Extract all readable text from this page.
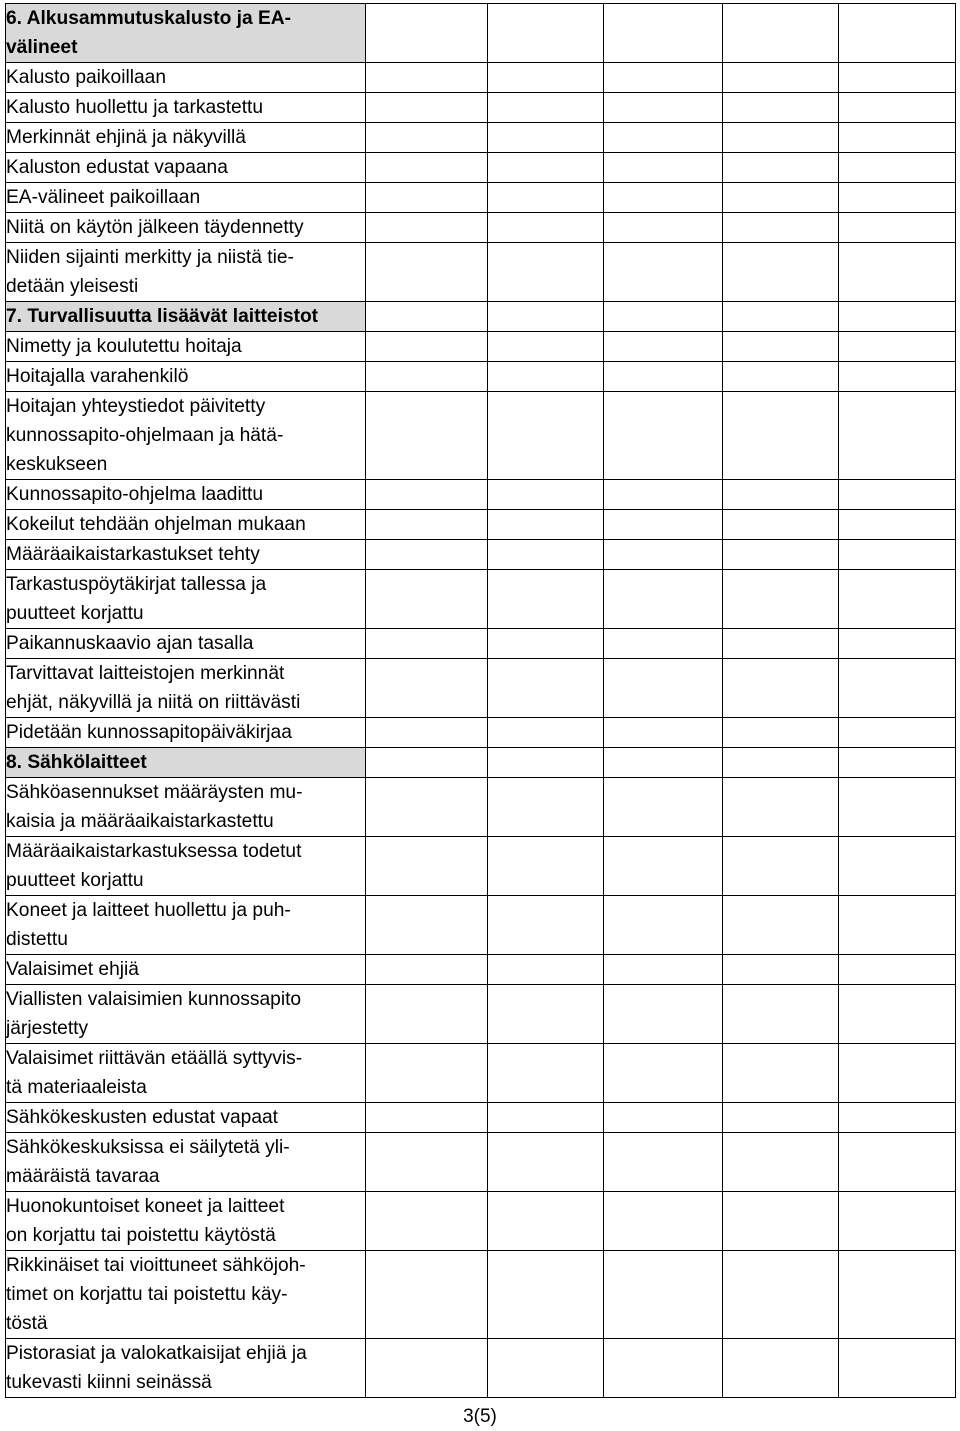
6. Alkusammutuskalusto ja EA-
välineet					

Kalusto paikoillaan					

Kalusto huollettu ja tarkastettu					

Merkinnät ehjinä ja näkyvillä					

Kaluston edustat vapaana					

EA-välineet paikoillaan					

Niitä on käytön jälkeen täydennetty					

Niiden sijainti merkitty ja niistä tie-
detään yleisesti					

7. Turvallisuutta lisäävät laitteistot					

Nimetty ja koulutettu hoitaja					

Hoitajalla varahenkilö					

Hoitajan yhteystiedot päivitetty
kunnossapito-ohjelmaan ja hätä-
keskukseen					

Kunnossapito-ohjelma laadittu					

Kokeilut tehdään ohjelman mukaan					

Määräaikaistarkastukset tehty					

Tarkastuspöytäkirjat tallessa ja
puutteet korjattu					

Paikannuskaavio ajan tasalla					

Tarvittavat laitteistojen merkinnät
ehjät, näkyvillä ja niitä on riittävästi					

Pidetään kunnossapitopäiväkirjaa					

8. Sähkölaitteet					

Sähköasennukset määräysten mu-
kaisia ja määräaikaistarkastettu					

Määräaikaistarkastuksessa todetut
puutteet korjattu					

Koneet ja laitteet huollettu ja puh-
distettu					

Valaisimet ehjiä					

Viallisten valaisimien kunnossapito
järjestetty					

Valaisimet riittävän etäällä syttyvis-
tä materiaaleista					

Sähkökeskusten edustat vapaat					

Sähkökeskuksissa ei säilytetä yli-
määräistä tavaraa					

Huonokuntoiset koneet ja laitteet
on korjattu tai poistettu käytöstä					

Rikkinäiset tai vioittuneet sähköjoh-
timet on korjattu tai poistettu käy-
töstä					

Pistorasiat ja valokatkaisijat ehjiä ja
tukevasti kiinni seinässä					

3(5)
